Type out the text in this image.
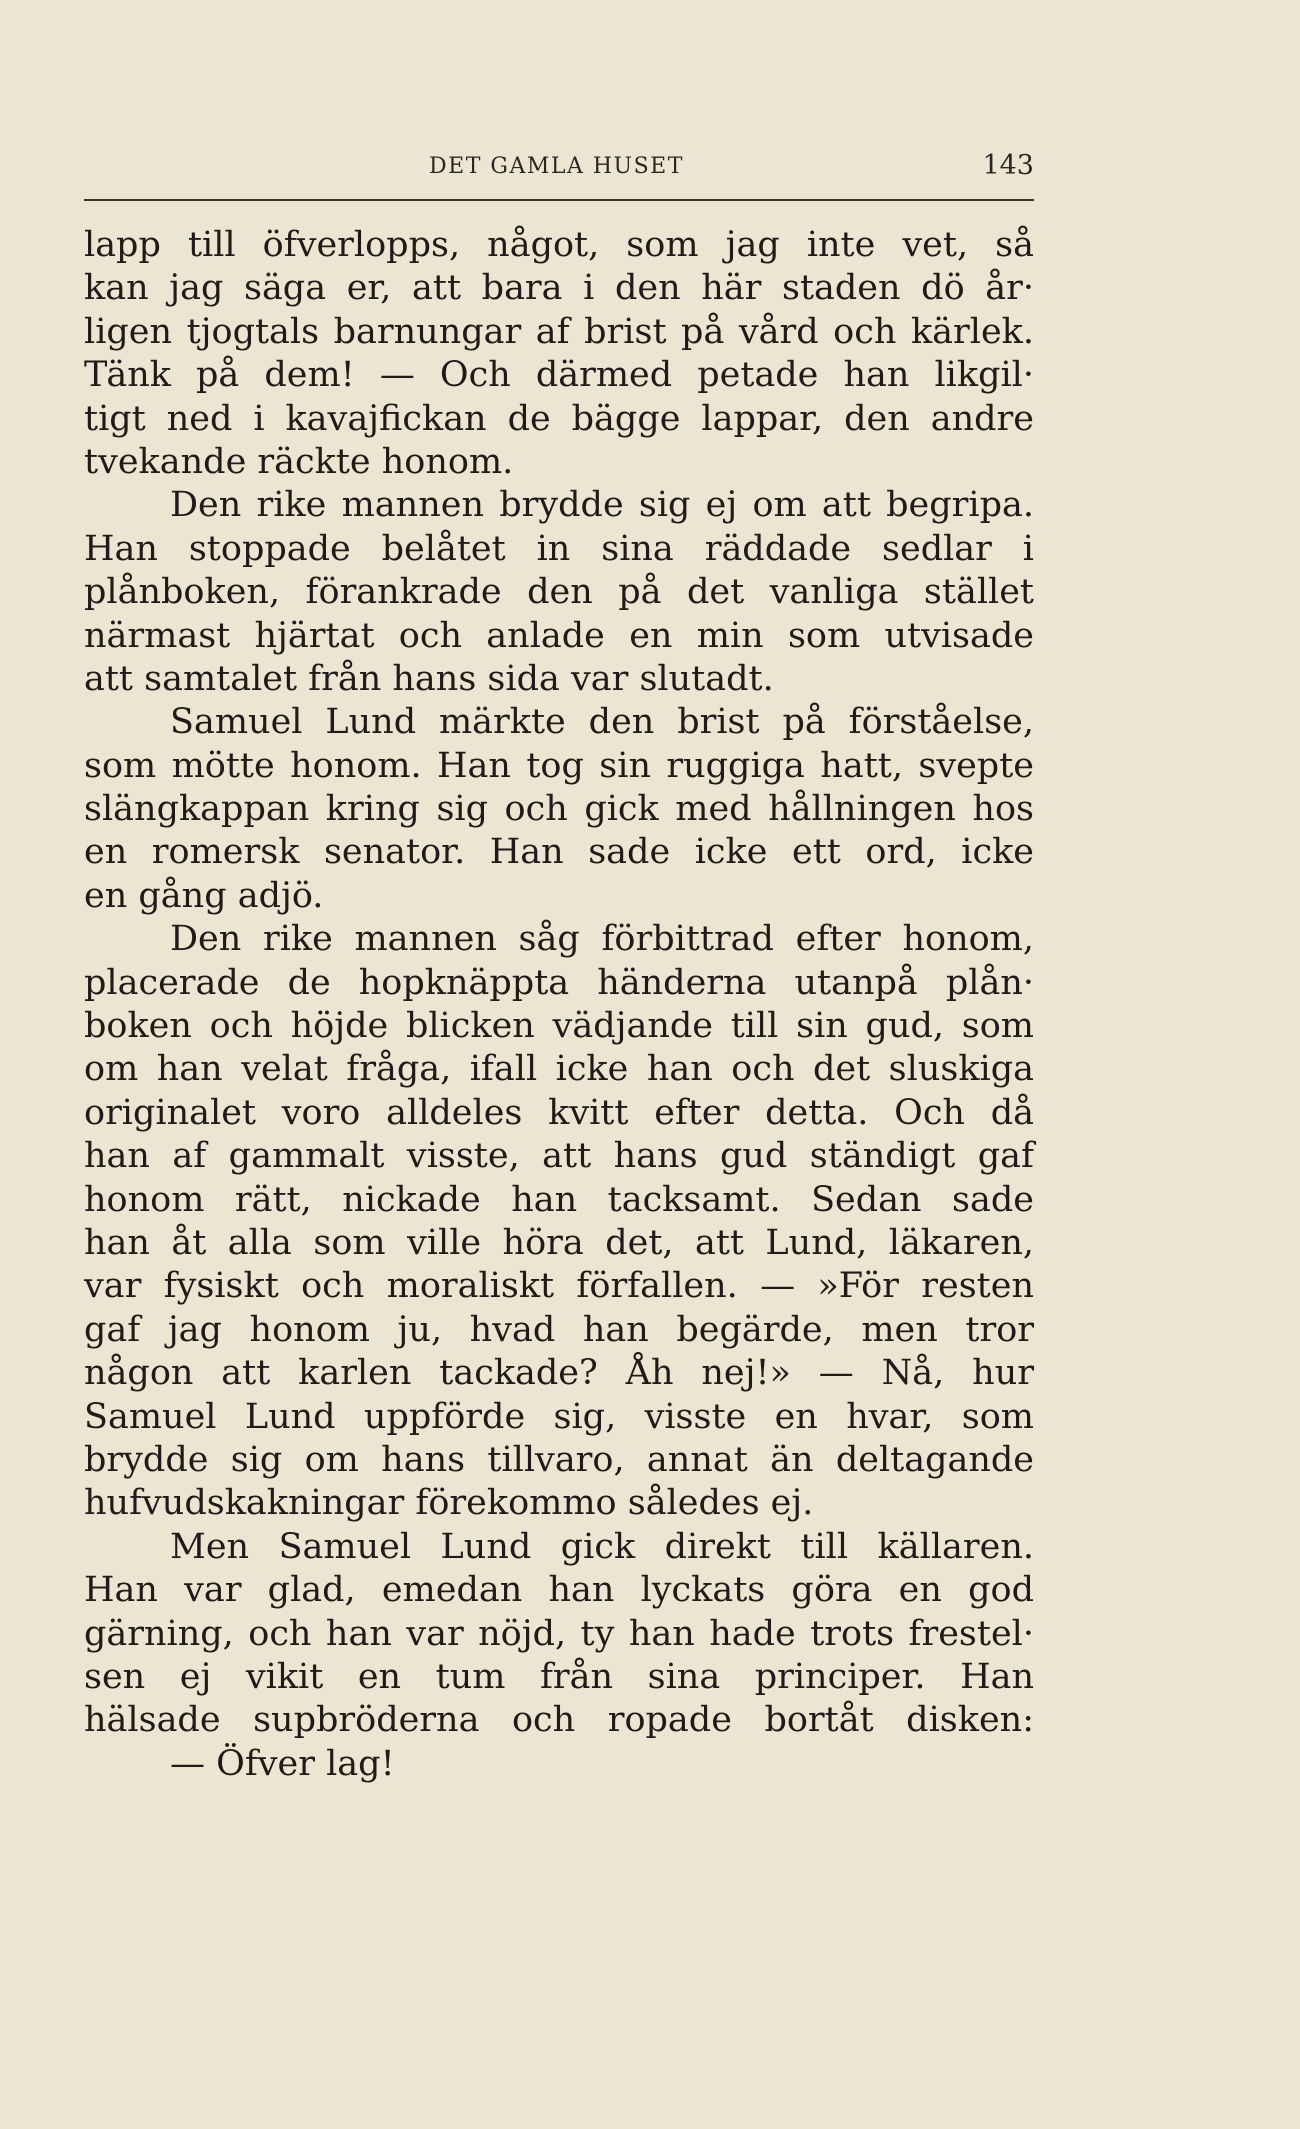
DET GAMLA HUSET	143
lapp till öfverlopps, något, som jag inte vet, så
kan jag säga er, att bara i den här staden dö år·
ligen tjogtals barnungar af brist på vård och kärlek.
Tänk på dem! — Och därmed petade han likgil·
tigt ned i kavajfickan de bägge lappar, den andre
tvekande räckte honom.
Den rike mannen brydde sig ej om att begripa.
Han stoppade belåtet in sina räddade sedlar i
plånboken, förankrade den på det vanliga stället
närmast hjärtat och anlade en min som utvisade
att samtalet från hans sida var slutadt.
Samuel Lund märkte den brist på förståelse,
som mötte honom. Han tog sin ruggiga hatt, svepte
slängkappan kring sig och gick med hållningen hos
en romersk senator. Han sade icke ett ord, icke
en gång adjö.
Den rike mannen såg förbittrad efter honom,
placerade de hopknäppta händerna utanpå plån·
boken och höjde blicken vädjande till sin gud, som
om han velat fråga, ifall icke han och det sluskiga
originalet voro alldeles kvitt efter detta. Och då
han af gammalt visste, att hans gud ständigt gaf
honom rätt, nickade han tacksamt. Sedan sade
han åt alla som ville höra det, att Lund, läkaren,
var fysiskt och moraliskt förfallen. — »För resten
gaf jag honom ju, hvad han begärde, men tror
någon att karlen tackade? Åh nej!» — Nå, hur
Samuel Lund uppförde sig, visste en hvar, som
brydde sig om hans tillvaro, annat än deltagande
hufvudskakningar förekommo således ej.
Men Samuel Lund gick direkt till källaren.
Han var glad, emedan han lyckats göra en god
gärning, och han var nöjd, ty han hade trots frestel·
sen ej vikit en tum från sina principer. Han
hälsade supbröderna och ropade bortåt disken:
— Öfver lag!
